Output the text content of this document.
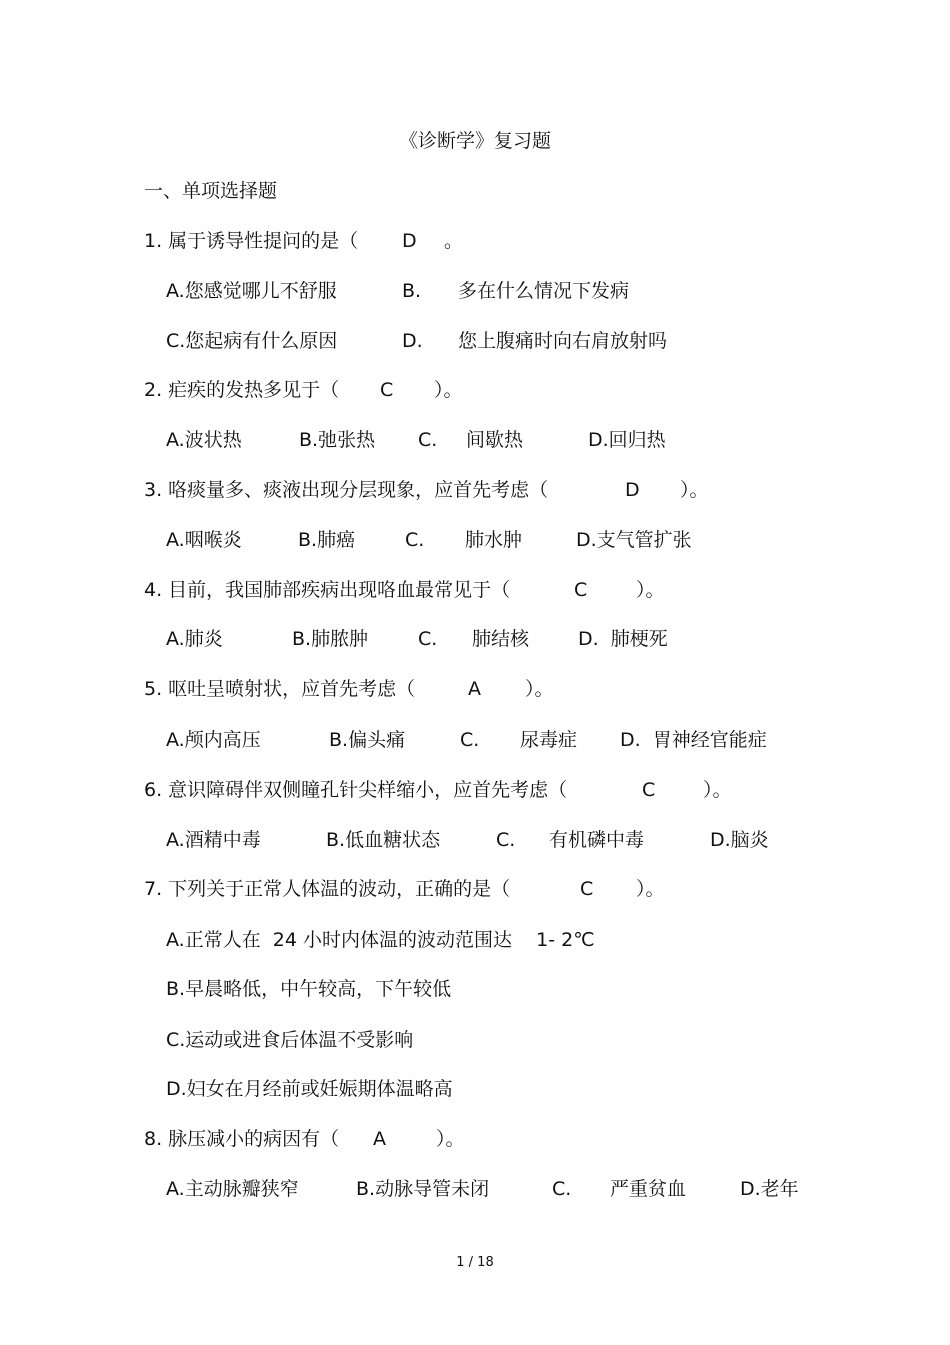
《诊断学》复习题
一、单项选择题
1. 属于诱导性提问的是（ D 。
A.您感觉哪儿不舒服	B. 多在什么情况下发病
C.您起病有什么原因	D. 您上腹痛时向右肩放射吗
2. 疟疾的发热多见于（ C ）。
A.波状热	B.弛张热 C. 间歇热	D.回归热
3. 咯痰量多、痰液出现分层现象，应首先考虑（	D ）。
A.咽喉炎	B.肺癌	C. 肺水肿	D.支气管扩张
4. 目前，我国肺部疾病出现咯血最常见于（	C	）。
A.肺炎	B.肺脓肿	C. 肺结核	D.  肺梗死
5. 呕吐呈喷射状，应首先考虑（	A ）。
A.颅内高压	B.偏头痛	C. 尿毒症 D.  胃神经官能症
6. 意识障碍伴双侧瞳孔针尖样缩小，应首先考虑（	C	）。
A.酒精中毒	B.低血糖状态	C. 有机磷中毒	D.脑炎
7. 下列关于正常人体温的波动，正确的是（	C ）。
A.正常人在  24 小时内体温的波动范围达    1- 2℃
B.早晨略低，中午较高，下午较低
C.运动或进食后体温不受影响
D.妇女在月经前或妊娠期体温略高
8. 脉压减小的病因有（ A	）。
A.主动脉瓣狭窄	B.动脉导管未闭	C. 严重贫血	D.老年
1 / 18
